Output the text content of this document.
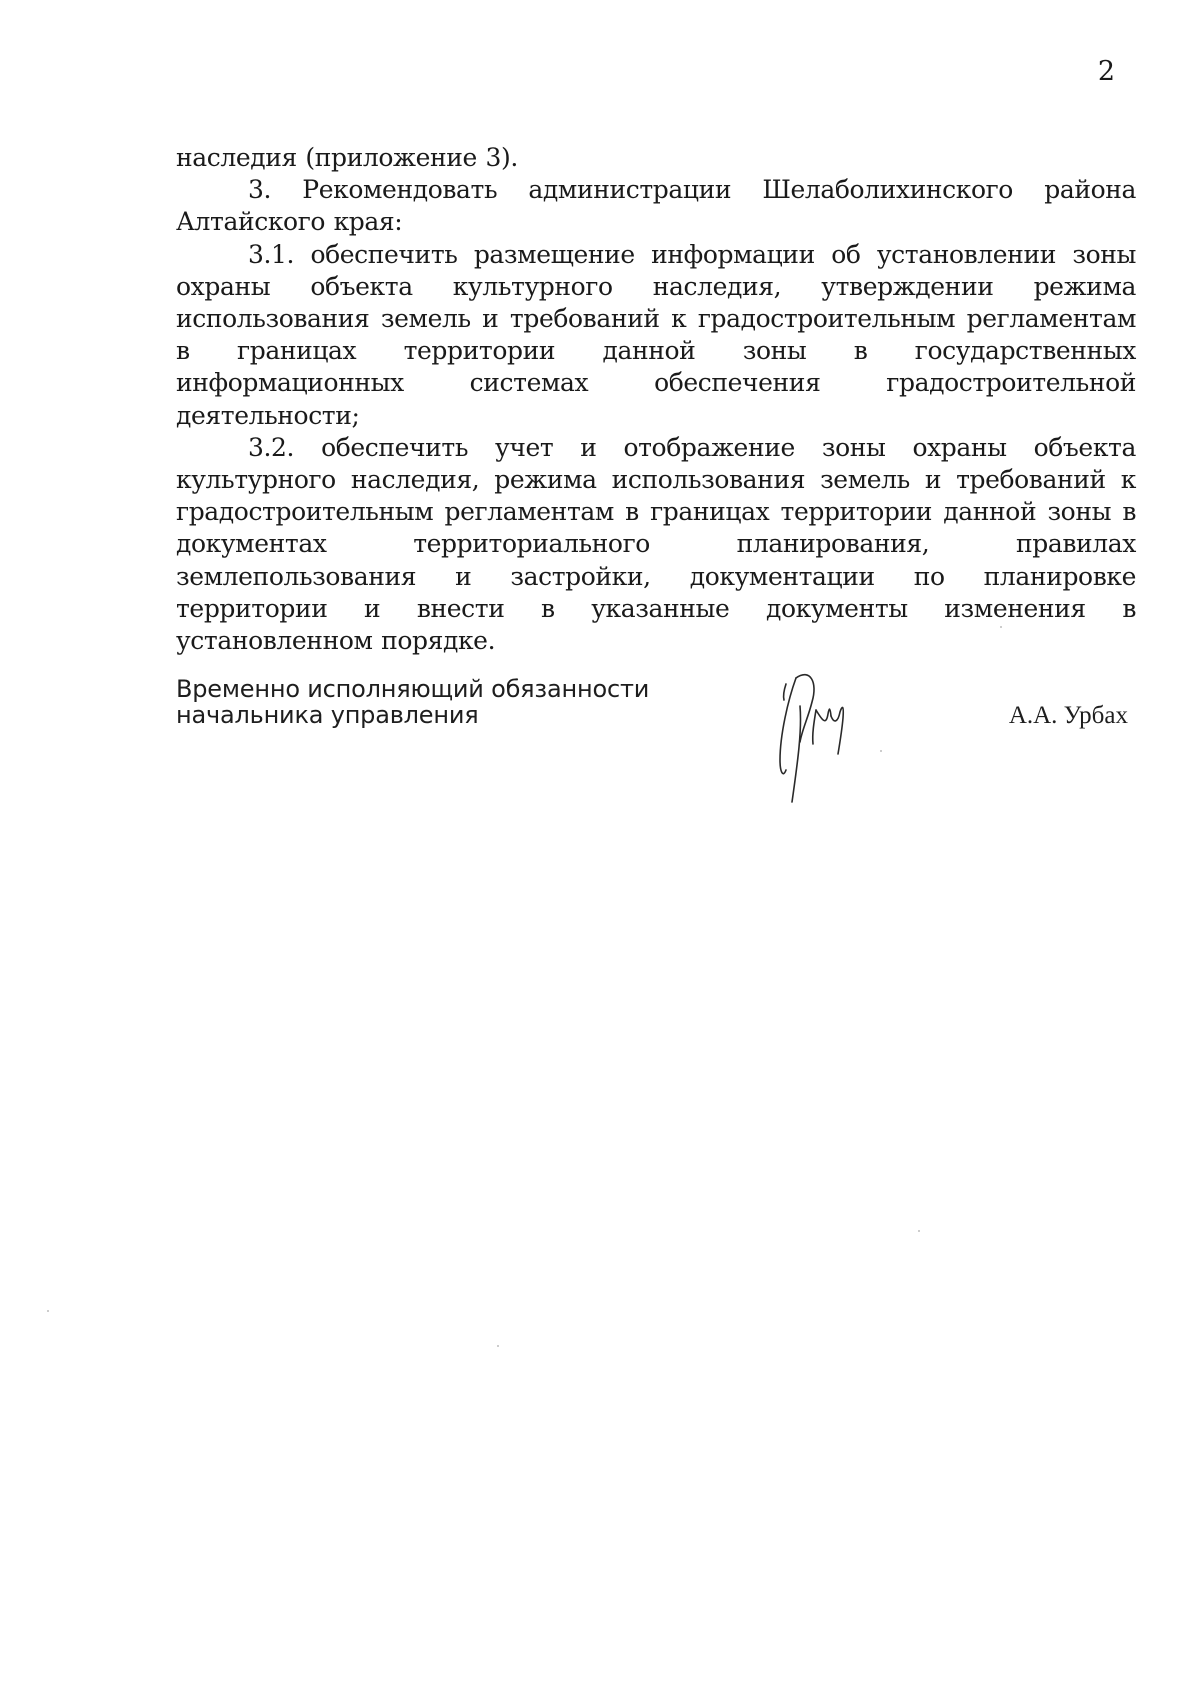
2

наследия (приложение 3).

3. Рекомендовать администрации Шелаболихинского района Алтайского края:

3.1. обеспечить размещение информации об установлении зоны охраны объекта культурного наследия, утверждении режима использования земель и требований к градостроительным регламентам в границах территории данной зоны в государственных информационных системах обеспечения градостроительной деятельности;

3.2. обеспечить учет и отображение зоны охраны объекта культурного наследия, режима использования земель и требований к градостроительным регламентам в границах территории данной зоны в документах территориального планирования, правилах землепользования и застройки, документации по планировке территории и внести в указанные документы изменения в установленном порядке.

Временно исполняющий обязанности
начальника управления	А.А. Урбах
